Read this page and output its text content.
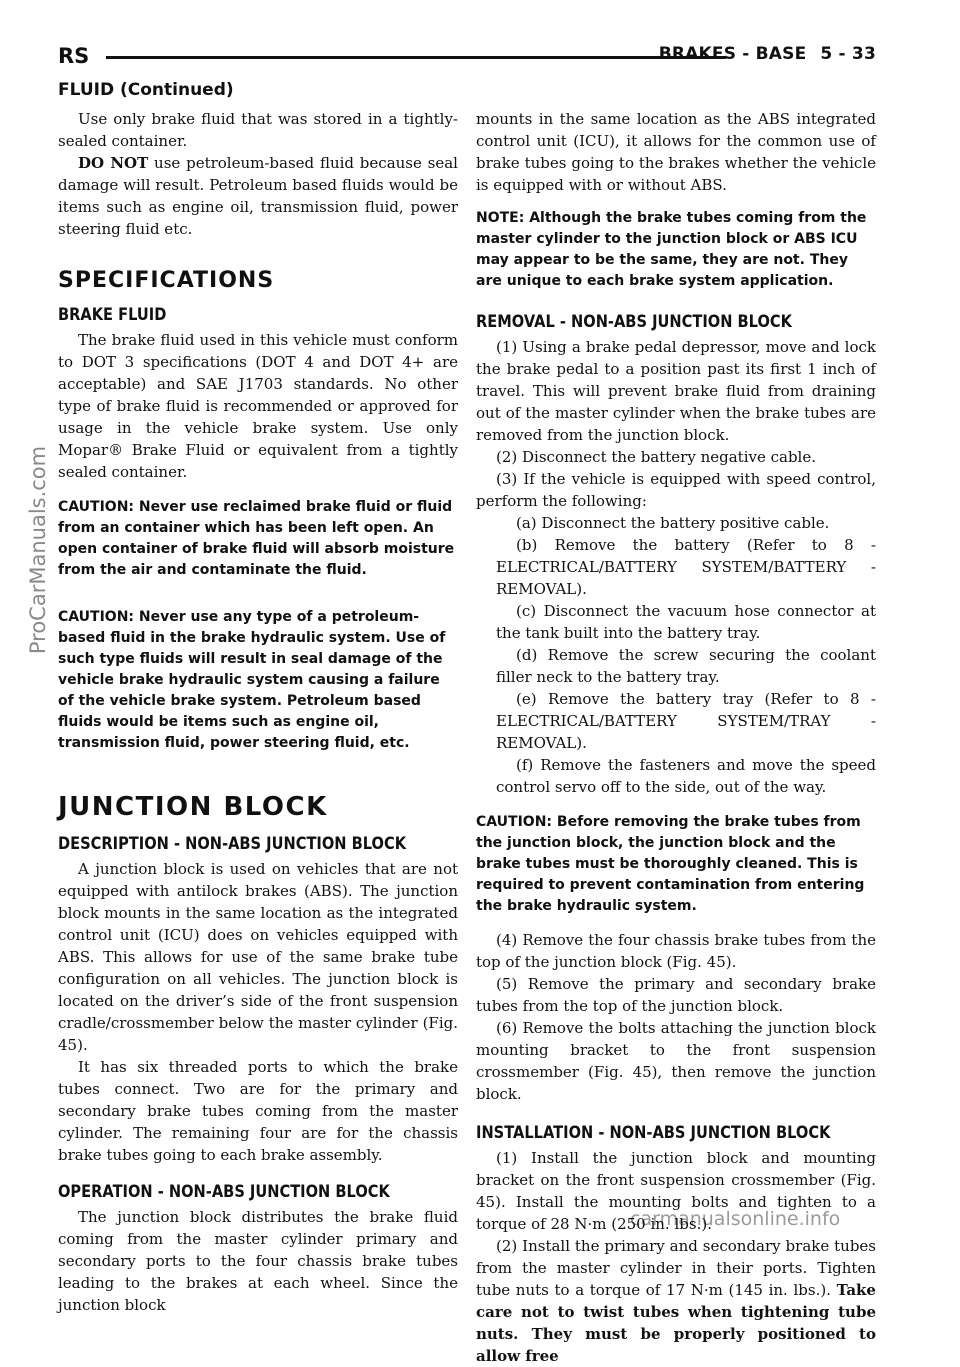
RS	BRAKES - BASE 5 - 33
FLUID (Continued)
ProCarManuals.com
carmanualsonline.info

Use only brake fluid that was stored in a tightly-sealed container.

DO NOT use petroleum-based fluid because seal damage will result. Petroleum based fluids would be items such as engine oil, transmission fluid, power steering fluid etc.

SPECIFICATIONS
BRAKE FLUID

The brake fluid used in this vehicle must conform to DOT 3 specifications (DOT 4 and DOT 4+ are acceptable) and SAE J1703 standards. No other type of brake fluid is recommended or approved for usage in the vehicle brake system. Use only Mopar® Brake Fluid or equivalent from a tightly sealed container.

CAUTION: Never use reclaimed brake fluid or fluid from an container which has been left open. An open container of brake fluid will absorb moisture from the air and contaminate the fluid.
CAUTION: Never use any type of a petroleum-based fluid in the brake hydraulic system. Use of such type fluids will result in seal damage of the vehicle brake hydraulic system causing a failure of the vehicle brake system. Petroleum based fluids would be items such as engine oil, transmission fluid, power steering fluid, etc.
JUNCTION BLOCK
DESCRIPTION - NON-ABS JUNCTION BLOCK

A junction block is used on vehicles that are not equipped with antilock brakes (ABS). The junction block mounts in the same location as the integrated control unit (ICU) does on vehicles equipped with ABS. This allows for use of the same brake tube configuration on all vehicles. The junction block is located on the driver’s side of the front suspension cradle/crossmember below the master cylinder (Fig. 45).

It has six threaded ports to which the brake tubes connect. Two are for the primary and secondary brake tubes coming from the master cylinder. The remaining four are for the chassis brake tubes going to each brake assembly.

OPERATION - NON-ABS JUNCTION BLOCK

The junction block distributes the brake fluid coming from the master cylinder primary and secondary ports to the four chassis brake tubes leading to the brakes at each wheel. Since the junction block

mounts in the same location as the ABS integrated control unit (ICU), it allows for the common use of brake tubes going to the brakes whether the vehicle is equipped with or without ABS.

NOTE: Although the brake tubes coming from the master cylinder to the junction block or ABS ICU may appear to be the same, they are not. They are unique to each brake system application.
REMOVAL - NON-ABS JUNCTION BLOCK

(1) Using a brake pedal depressor, move and lock the brake pedal to a position past its first 1 inch of travel. This will prevent brake fluid from draining out of the master cylinder when the brake tubes are removed from the junction block.

(2) Disconnect the battery negative cable.

(3) If the vehicle is equipped with speed control, perform the following:

(a) Disconnect the battery positive cable.

(b) Remove the battery (Refer to 8 - ELECTRICAL/BATTERY SYSTEM/BATTERY - REMOVAL).

(c) Disconnect the vacuum hose connector at the tank built into the battery tray.

(d) Remove the screw securing the coolant filler neck to the battery tray.

(e) Remove the battery tray (Refer to 8 - ELECTRICAL/BATTERY SYSTEM/TRAY - REMOVAL).

(f) Remove the fasteners and move the speed control servo off to the side, out of the way.

CAUTION: Before removing the brake tubes from the junction block, the junction block and the brake tubes must be thoroughly cleaned. This is required to prevent contamination from entering the brake hydraulic system.

(4) Remove the four chassis brake tubes from the top of the junction block (Fig. 45).

(5) Remove the primary and secondary brake tubes from the top of the junction block.

(6) Remove the bolts attaching the junction block mounting bracket to the front suspension crossmember (Fig. 45), then remove the junction block.

INSTALLATION - NON-ABS JUNCTION BLOCK

(1) Install the junction block and mounting bracket on the front suspension crossmember (Fig. 45). Install the mounting bolts and tighten to a torque of 28 N·m (250 in. lbs.).

(2) Install the primary and secondary brake tubes from the master cylinder in their ports. Tighten tube nuts to a torque of 17 N·m (145 in. lbs.). Take care not to twist tubes when tightening tube nuts. They must be properly positioned to allow free
